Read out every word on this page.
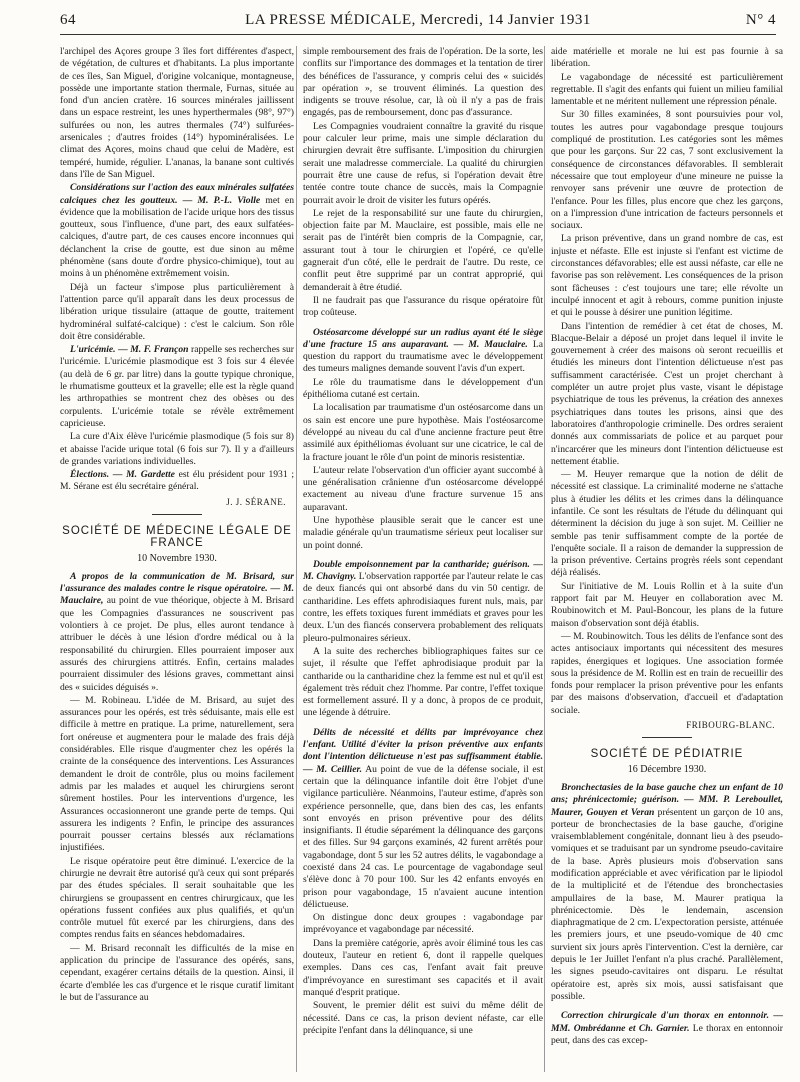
64	LA PRESSE MÉDICALE, Mercredi, 14 Janvier 1931	N° 4

l'archipel des Açores groupe 3 îles fort différentes d'aspect, de végétation, de cultures et d'habitants. La plus importante de ces îles, San Miguel, d'origine volcanique, montagneuse, possède une importante station thermale, Furnas, située au fond d'un ancien cratère. 16 sources minérales jaillissent dans un espace restreint, les unes hyperthermales (98°, 97°) sulfurées ou non, les autres thermales (74°) sulfurées-arsenicales ; d'autres froides (14°) hypominéralisées. Le climat des Açores, moins chaud que celui de Madère, est tempéré, humide, régulier. L'ananas, la banane sont cultivés dans l'île de San Miguel.

Considérations sur l'action des eaux minérales sulfatées calciques chez les goutteux. — M. P.-L. Violle met en évidence que la mobilisation de l'acide urique hors des tissus goutteux, sous l'influence, d'une part, des eaux sulfatées-calciques, d'autre part, de ces causes encore inconnues qui déclanchent la crise de goutte, est due sinon au même phénomène (sans doute d'ordre physico-chimique), tout au moins à un phénomène extrêmement voisin.

Déjà un facteur s'impose plus particulièrement à l'attention parce qu'il apparaît dans les deux processus de libération urique tissulaire (attaque de goutte, traitement hydrominéral sulfaté-calcique) : c'est le calcium. Son rôle doit être considérable.

L'uricémie. — M. F. Françon rappelle ses recherches sur l'uricémie. L'uricémie plasmodique est 3 fois sur 4 élevée (au delà de 6 gr. par litre) dans la goutte typique chronique, le rhumatisme goutteux et la gravelle; elle est la règle quand les arthropathies se montrent chez des obèses ou des corpulents. L'uricémie totale se révèle extrêmement capricieuse.

La cure d'Aix élève l'uricémie plasmodique (5 fois sur 8) et abaisse l'acide urique total (6 fois sur 7). Il y a d'ailleurs de grandes variations individuelles.

Élections. — M. Gardette est élu président pour 1931 ; M. Sérane est élu secrétaire général.

J. J. SÉRANE.
SOCIÉTÉ DE MÉDECINE LÉGALE DE FRANCE
10 Novembre 1930.

A propos de la communication de M. Brisard, sur l'assurance des malades contre le risque opératoire. — M. Mauclaire, au point de vue théorique, objecte à M. Brisard que les Compagnies d'assurances ne souscrivent pas volontiers à ce projet. De plus, elles auront tendance à attribuer le décès à une lésion d'ordre médical ou à la responsabilité du chirurgien. Elles pourraient imposer aux assurés des chirurgiens attitrés. Enfin, certains malades pourraient dissimuler des lésions graves, commettant ainsi des « suicides déguisés ».

— M. Robineau. L'idée de M. Brisard, au sujet des assurances pour les opérés, est très séduisante, mais elle est difficile à mettre en pratique. La prime, naturellement, sera fort onéreuse et augmentera pour le malade des frais déjà considérables. Elle risque d'augmenter chez les opérés la crainte de la conséquence des interventions. Les Assurances demandent le droit de contrôle, plus ou moins facilement admis par les malades et auquel les chirurgiens seront sûrement hostiles. Pour les interventions d'urgence, les Assurances occasionneront une grande perte de temps. Qui assurera les indigents ? Enfin, le principe des assurances pourrait pousser certains blessés aux réclamations injustifiées.

Le risque opératoire peut être diminué. L'exercice de la chirurgie ne devrait être autorisé qu'à ceux qui sont préparés par des études spéciales. Il serait souhaitable que les chirurgiens se groupassent en centres chirurgicaux, que les opérations fussent confiées aux plus qualifiés, et qu'un contrôle mutuel fût exercé par les chirurgiens, dans des comptes rendus faits en séances hebdomadaires.

— M. Brisard reconnaît les difficultés de la mise en application du principe de l'assurance des opérés, sans, cependant, exagérer certains détails de la question. Ainsi, il écarte d'emblée les cas d'urgence et le risque curatif limitant le but de l'assurance au

simple remboursement des frais de l'opération. De la sorte, les conflits sur l'importance des dommages et la tentation de tirer des bénéfices de l'assurance, y compris celui des « suicidés par opération », se trouvent éliminés. La question des indigents se trouve résolue, car, là où il n'y a pas de frais engagés, pas de remboursement, donc pas d'assurance.

Les Compagnies voudraient connaître la gravité du risque pour calculer leur prime, mais une simple déclaration du chirurgien devrait être suffisante. L'imposition du chirurgien serait une maladresse commerciale. La qualité du chirurgien pourrait être une cause de refus, si l'opération devait être tentée contre toute chance de succès, mais la Compagnie pourrait avoir le droit de visiter les futurs opérés.

Le rejet de la responsabilité sur une faute du chirurgien, objection faite par M. Mauclaire, est possible, mais elle ne serait pas de l'intérêt bien compris de la Compagnie, car, assurant tout à tour le chirurgien et l'opéré, ce qu'elle gagnerait d'un côté, elle le perdrait de l'autre. Du reste, ce conflit peut être supprimé par un contrat approprié, qui demanderait à être étudié.

Il ne faudrait pas que l'assurance du risque opératoire fût trop coûteuse.

Ostéosarcome développé sur un radius ayant été le siège d'une fracture 15 ans auparavant. — M. Mauclaire. La question du rapport du traumatisme avec le développement des tumeurs malignes demande souvent l'avis d'un expert.

Le rôle du traumatisme dans le développement d'un épithélioma cutané est certain.

La localisation par traumatisme d'un ostéosarcome dans un os sain est encore une pure hypothèse. Mais l'ostéosarcome développé au niveau du cal d'une ancienne fracture peut être assimilé aux épithéliomas évoluant sur une cicatrice, le cal de la fracture jouant le rôle d'un point de minoris resistentiæ.

L'auteur relate l'observation d'un officier ayant succombé à une généralisation crânienne d'un ostéosarcome développé exactement au niveau d'une fracture survenue 15 ans auparavant.

Une hypothèse plausible serait que le cancer est une maladie générale qu'un traumatisme sérieux peut localiser sur un point donné.

Double empoisonnement par la cantharide; guérison. — M. Chavigny. L'observation rapportée par l'auteur relate le cas de deux fiancés qui ont absorbé dans du vin 50 centigr. de cantharidine. Les effets aphrodisiaques furent nuls, mais, par contre, les effets toxiques furent immédiats et graves pour les deux. L'un des fiancés conservera probablement des reliquats pleuro-pulmonaires sérieux.

A la suite des recherches bibliographiques faites sur ce sujet, il résulte que l'effet aphrodisiaque produit par la cantharide ou la cantharidine chez la femme est nul et qu'il est également très réduit chez l'homme. Par contre, l'effet toxique est formellement assuré. Il y a donc, à propos de ce produit, une légende à détruire.

Délits de nécessité et délits par imprévoyance chez l'enfant. Utilité d'éviter la prison préventive aux enfants dont l'intention délictueuse n'est pas suffisamment établie. — M. Ceillier. Au point de vue de la défense sociale, il est certain que la délinquance infantile doit être l'objet d'une vigilance particulière. Néanmoins, l'auteur estime, d'après son expérience personnelle, que, dans bien des cas, les enfants sont envoyés en prison préventive pour des délits insignifiants. Il étudie séparément la délinquance des garçons et des filles. Sur 94 garçons examinés, 42 furent arrêtés pour vagabondage, dont 5 sur les 52 autres délits, le vagabondage a coexisté dans 24 cas. Le pourcentage de vagabondage seul s'élève donc à 70 pour 100. Sur les 42 enfants envoyés en prison pour vagabondage, 15 n'avaient aucune intention délictueuse.

On distingue donc deux groupes : vagabondage par imprévoyance et vagabondage par nécessité.

Dans la première catégorie, après avoir éliminé tous les cas douteux, l'auteur en retient 6, dont il rappelle quelques exemples. Dans ces cas, l'enfant avait fait preuve d'imprévoyance en surestimant ses capacités et il avait manqué d'esprit pratique.

Souvent, le premier délit est suivi du même délit de nécessité. Dans ce cas, la prison devient néfaste, car elle précipite l'enfant dans la délinquance, si une

aide matérielle et morale ne lui est pas fournie à sa libération.

Le vagabondage de nécessité est particulièrement regrettable. Il s'agit des enfants qui fuient un milieu familial lamentable et ne méritent nullement une répression pénale.

Sur 30 filles examinées, 8 sont poursuivies pour vol, toutes les autres pour vagabondage presque toujours compliqué de prostitution. Les catégories sont les mêmes que pour les garçons. Sur 22 cas, 7 sont exclusivement la conséquence de circonstances défavorables. Il semblerait nécessaire que tout employeur d'une mineure ne puisse la renvoyer sans prévenir une œuvre de protection de l'enfance. Pour les filles, plus encore que chez les garçons, on a l'impression d'une intrication de facteurs personnels et sociaux.

La prison préventive, dans un grand nombre de cas, est injuste et néfaste. Elle est injuste si l'enfant est victime de circonstances défavorables; elle est aussi néfaste, car elle ne favorise pas son relèvement. Les conséquences de la prison sont fâcheuses : c'est toujours une tare; elle révolte un inculpé innocent et agit à rebours, comme punition injuste et qui le pousse à désirer une punition légitime.

Dans l'intention de remédier à cet état de choses, M. Blacque-Belair a déposé un projet dans lequel il invite le gouvernement à créer des maisons où seront recueillis et étudiés les mineurs dont l'intention délictueuse n'est pas suffisamment caractérisée. C'est un projet cherchant à compléter un autre projet plus vaste, visant le dépistage psychiatrique de tous les prévenus, la création des annexes psychiatriques dans toutes les prisons, ainsi que des laboratoires d'anthropologie criminelle. Des ordres seraient donnés aux commissariats de police et au parquet pour n'incarcérer que les mineurs dont l'intention délictueuse est nettement établie.

— M. Heuyer remarque que la notion de délit de nécessité est classique. La criminalité moderne ne s'attache plus à étudier les délits et les crimes dans la délinquance infantile. Ce sont les résultats de l'étude du délinquant qui déterminent la décision du juge à son sujet. M. Ceillier ne semble pas tenir suffisamment compte de la portée de l'enquête sociale. Il a raison de demander la suppression de la prison préventive. Certains progrès réels sont cependant déjà réalisés.

Sur l'initiative de M. Louis Rollin et à la suite d'un rapport fait par M. Heuyer en collaboration avec M. Roubinowitch et M. Paul-Boncour, les plans de la future maison d'observation sont déjà établis.

— M. Roubinowitch. Tous les délits de l'enfance sont des actes antisociaux importants qui nécessitent des mesures rapides, énergiques et logiques. Une association formée sous la présidence de M. Rollin est en train de recueillir des fonds pour remplacer la prison préventive pour les enfants par des maisons d'observation, d'accueil et d'adaptation sociale.

FRIBOURG-BLANC.
SOCIÉTÉ DE PÉDIATRIE
16 Décembre 1930.

Bronchectasies de la base gauche chez un enfant de 10 ans; phrénicectomie; guérison. — MM. P. Lereboullet, Maurer, Gouyen et Veran présentent un garçon de 10 ans, porteur de bronchectasies de la base gauche, d'origine vraisemblablement congénitale, donnant lieu à des pseudo-vomiques et se traduisant par un syndrome pseudo-cavitaire de la base. Après plusieurs mois d'observation sans modification appréciable et avec vérification par le lipiodol de la multiplicité et de l'étendue des bronchectasies ampullaires de la base, M. Maurer pratiqua la phrénicectomie. Dès le lendemain, ascension diaphragmatique de 2 cm. L'expectoration persiste, atténuée les premiers jours, et une pseudo-vomique de 40 cmc survient six jours après l'intervention. C'est la dernière, car depuis le 1er Juillet l'enfant n'a plus craché. Parallèlement, les signes pseudo-cavitaires ont disparu. Le résultat opératoire est, après six mois, aussi satisfaisant que possible.

Correction chirurgicale d'un thorax en entonnoir. — MM. Ombrédanne et Ch. Garnier. Le thorax en entonnoir peut, dans des cas excep-
